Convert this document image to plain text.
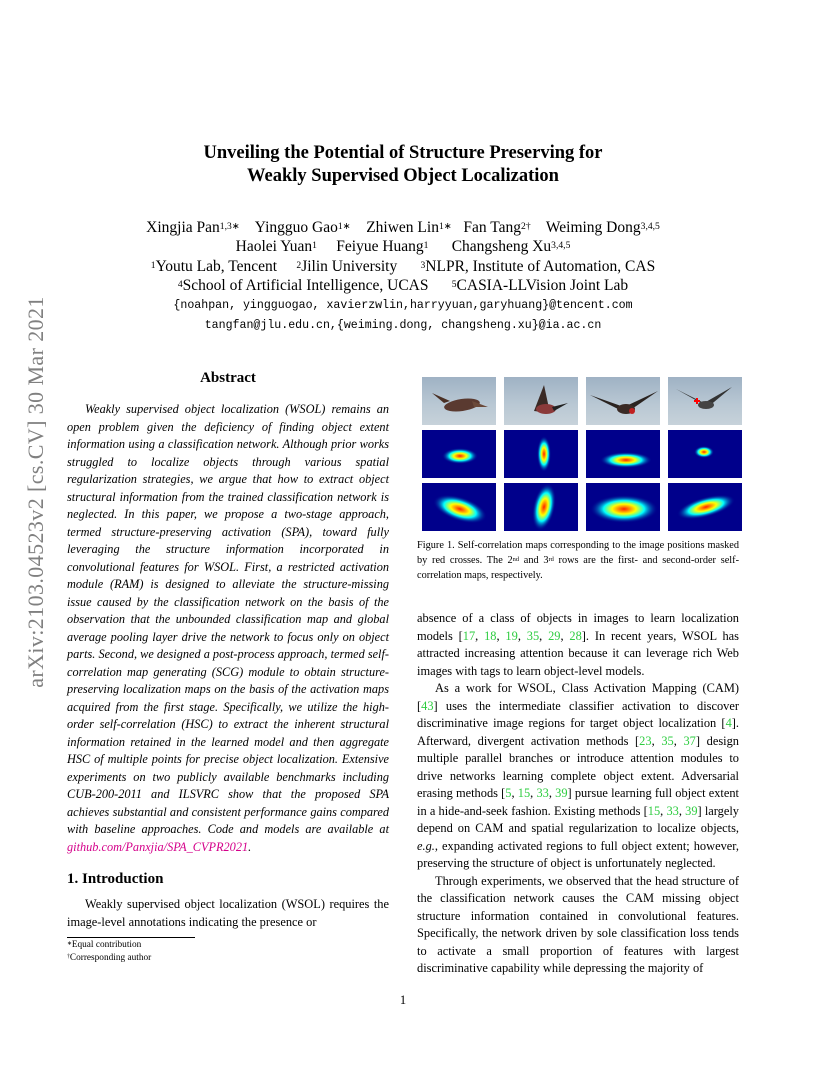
arXiv:2103.04523v2 [cs.CV] 30 Mar 2021
Unveiling the Potential of Structure Preserving for
Weakly Supervised Object Localization
Xingjia Pan$^{1,3∗}$ Yingguo Gao$^{1∗}$ Zhiwen Lin$^{1∗}$ Fan Tang$^{2\dagger}$ Weiming Dong$^{3,4,5}$
Haolei Yuan$^1$ Feiyue Huang$^1$ Changsheng Xu$^{3,4,5}$
$^1$Youtu Lab, Tencent $^2$Jilin University $^3$NLPR, Institute of Automation, CAS
$^4$School of Artificial Intelligence, UCAS $^5$CASIA-LLVision Joint Lab
{noahpan, yingguogao, xavierzwlin,harryyuan,garyhuang}@tencent.com
tangfan@jlu.edu.cn,{weiming.dong, changsheng.xu}@ia.ac.cn
Abstract

Weakly supervised object localization (WSOL) remains an open problem given the deficiency of finding object extent information using a classification network. Although prior works struggled to localize objects through various spatial regularization strategies, we argue that how to extract object structural information from the trained classification network is neglected. In this paper, we propose a two-stage approach, termed structure-preserving activation (SPA), toward fully leveraging the structure information incorporated in convolutional features for WSOL. First, a restricted activation module (RAM) is designed to alleviate the structure-missing issue caused by the classification network on the basis of the observation that the unbounded classification map and global average pooling layer drive the network to focus only on object parts. Second, we designed a post-process approach, termed self-correlation map generating (SCG) module to obtain structure-preserving localization maps on the basis of the activation maps acquired from the first stage. Specifically, we utilize the high-order self-correlation (HSC) to extract the inherent structural information retained in the learned model and then aggregate HSC of multiple points for precise object localization. Extensive experiments on two publicly available benchmarks including CUB-200-2011 and ILSVRC show that the proposed SPA achieves substantial and consistent performance gains compared with baseline approaches. Code and models are available at github.com/Panxjia/SPA_CVPR2021.

1. Introduction

Weakly supervised object localization (WSOL) requires the image-level annotations indicating the presence or

∗Equal contribution
†Corresponding author
Figure 1. Self-correlation maps corresponding to the image positions masked by red crosses. The 2nd and 3rd rows are the first- and second-order self-correlation maps, respectively.

absence of a class of objects in images to learn localization models [17, 18, 19, 35, 29, 28]. In recent years, WSOL has attracted increasing attention because it can leverage rich Web images with tags to learn object-level models.

As a work for WSOL, Class Activation Mapping (CAM) [43] uses the intermediate classifier activation to discover discriminative image regions for target object localization [4]. Afterward, divergent activation methods [23, 35, 37] design multiple parallel branches or introduce attention modules to drive networks learning complete object extent. Adversarial erasing methods [5, 15, 33, 39] pursue learning full object extent in a hide-and-seek fashion. Existing methods [15, 33, 39] largely depend on CAM and spatial regularization to localize objects, e.g., expanding activated regions to full object extent; however, preserving the structure of object is unfortunately neglected.

Through experiments, we observed that the head structure of the classification network causes the CAM missing object structure information contained in convolutional features. Specifically, the network driven by sole classification loss tends to activate a small proportion of features with largest discriminative capability while depressing the majority of

1
